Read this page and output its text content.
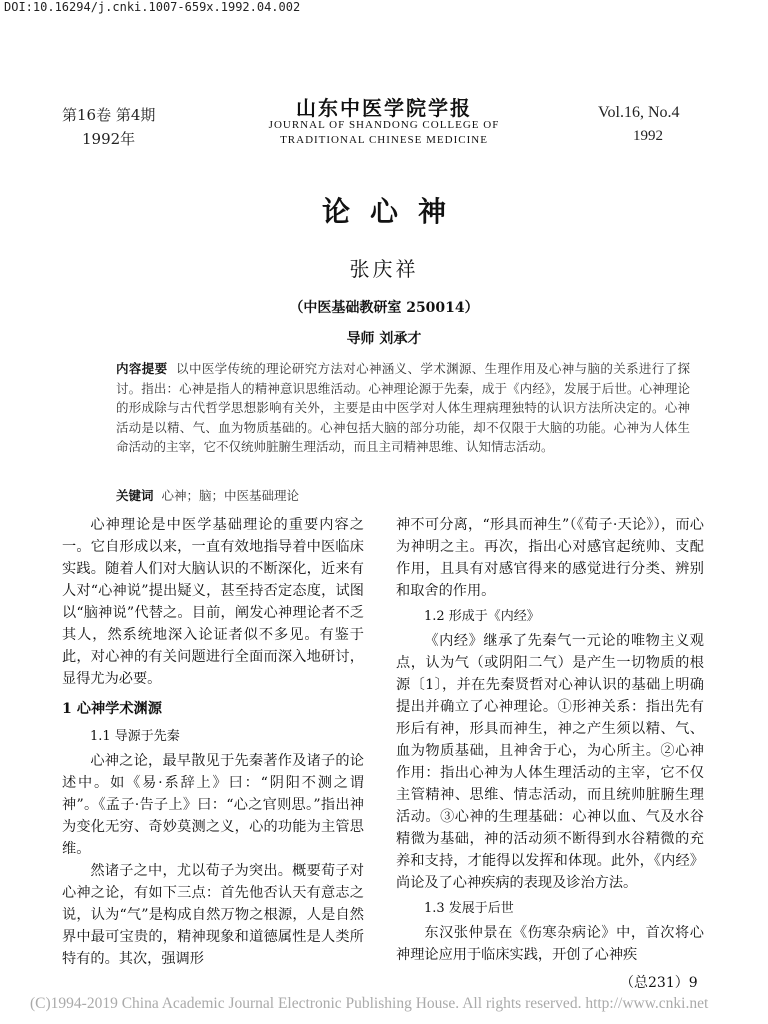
DOI:10.16294/j.cnki.1007-659x.1992.04.002
第16卷 第4期
1992年
山东中医学院学报
JOURNAL OF SHANDONG COLLEGE OF
TRADITIONAL CHINESE MEDICINE
Vol.16, No.4
1992
论心神
张庆祥
（中医基础教研室 250014）
导师 刘承才
内容提要 以中医学传统的理论研究方法对心神涵义、学术渊源、生理作用及心神与脑的关系进行了探讨。指出：心神是指人的精神意识思维活动。心神理论源于先秦，成于《内经》，发展于后世。心神理论的形成除与古代哲学思想影响有关外，主要是由中医学对人体生理病理独特的认识方法所决定的。心神活动是以精、气、血为物质基础的。心神包括大脑的部分功能，却不仅限于大脑的功能。心神为人体生命活动的主宰，它不仅统帅脏腑生理活动，而且主司精神思维、认知情志活动。
关键词 心神；脑；中医基础理论

心神理论是中医学基础理论的重要内容之一。它自形成以来，一直有效地指导着中医临床实践。随着人们对大脑认识的不断深化，近来有人对“心神说”提出疑义，甚至持否定态度，试图以“脑神说”代替之。目前，阐发心神理论者不乏其人，然系统地深入论证者似不多见。有鉴于此，对心神的有关问题进行全面而深入地研讨，显得尤为必要。

1 心神学术渊源

1.1 导源于先秦

心神之论，最早散见于先秦著作及诸子的论述中。如《易·系辞上》曰：“阴阳不测之谓神”。《孟子·告子上》曰：“心之官则思。”指出神为变化无穷、奇妙莫测之义，心的功能为主管思维。

然诸子之中，尤以荀子为突出。概要荀子对心神之论，有如下三点：首先他否认天有意志之说，认为“气”是构成自然万物之根源，人是自然界中最可宝贵的，精神现象和道德属性是人类所特有的。其次，强调形

神不可分离，“形具而神生”（《荀子·天论》），而心为神明之主。再次，指出心对感官起统帅、支配作用，且具有对感官得来的感觉进行分类、辨别和取舍的作用。

1.2 形成于《内经》

《内经》继承了先秦气一元论的唯物主义观点，认为气（或阴阳二气）是产生一切物质的根源〔1〕，并在先秦贤哲对心神认识的基础上明确提出并确立了心神理论。①形神关系：指出先有形后有神，形具而神生，神之产生须以精、气、血为物质基础，且神舍于心，为心所主。②心神作用：指出心神为人体生理活动的主宰，它不仅主管精神、思维、情志活动，而且统帅脏腑生理活动。③心神的生理基础：心神以血、气及水谷精微为基础，神的活动须不断得到水谷精微的充养和支持，才能得以发挥和体现。此外，《内经》尚论及了心神疾病的表现及诊治方法。

1.3 发展于后世

东汉张仲景在《伤寒杂病论》中，首次将心神理论应用于临床实践，开创了心神疾

（总231）9
(C)1994-2019 China Academic Journal Electronic Publishing House. All rights reserved. http://www.cnki.net
